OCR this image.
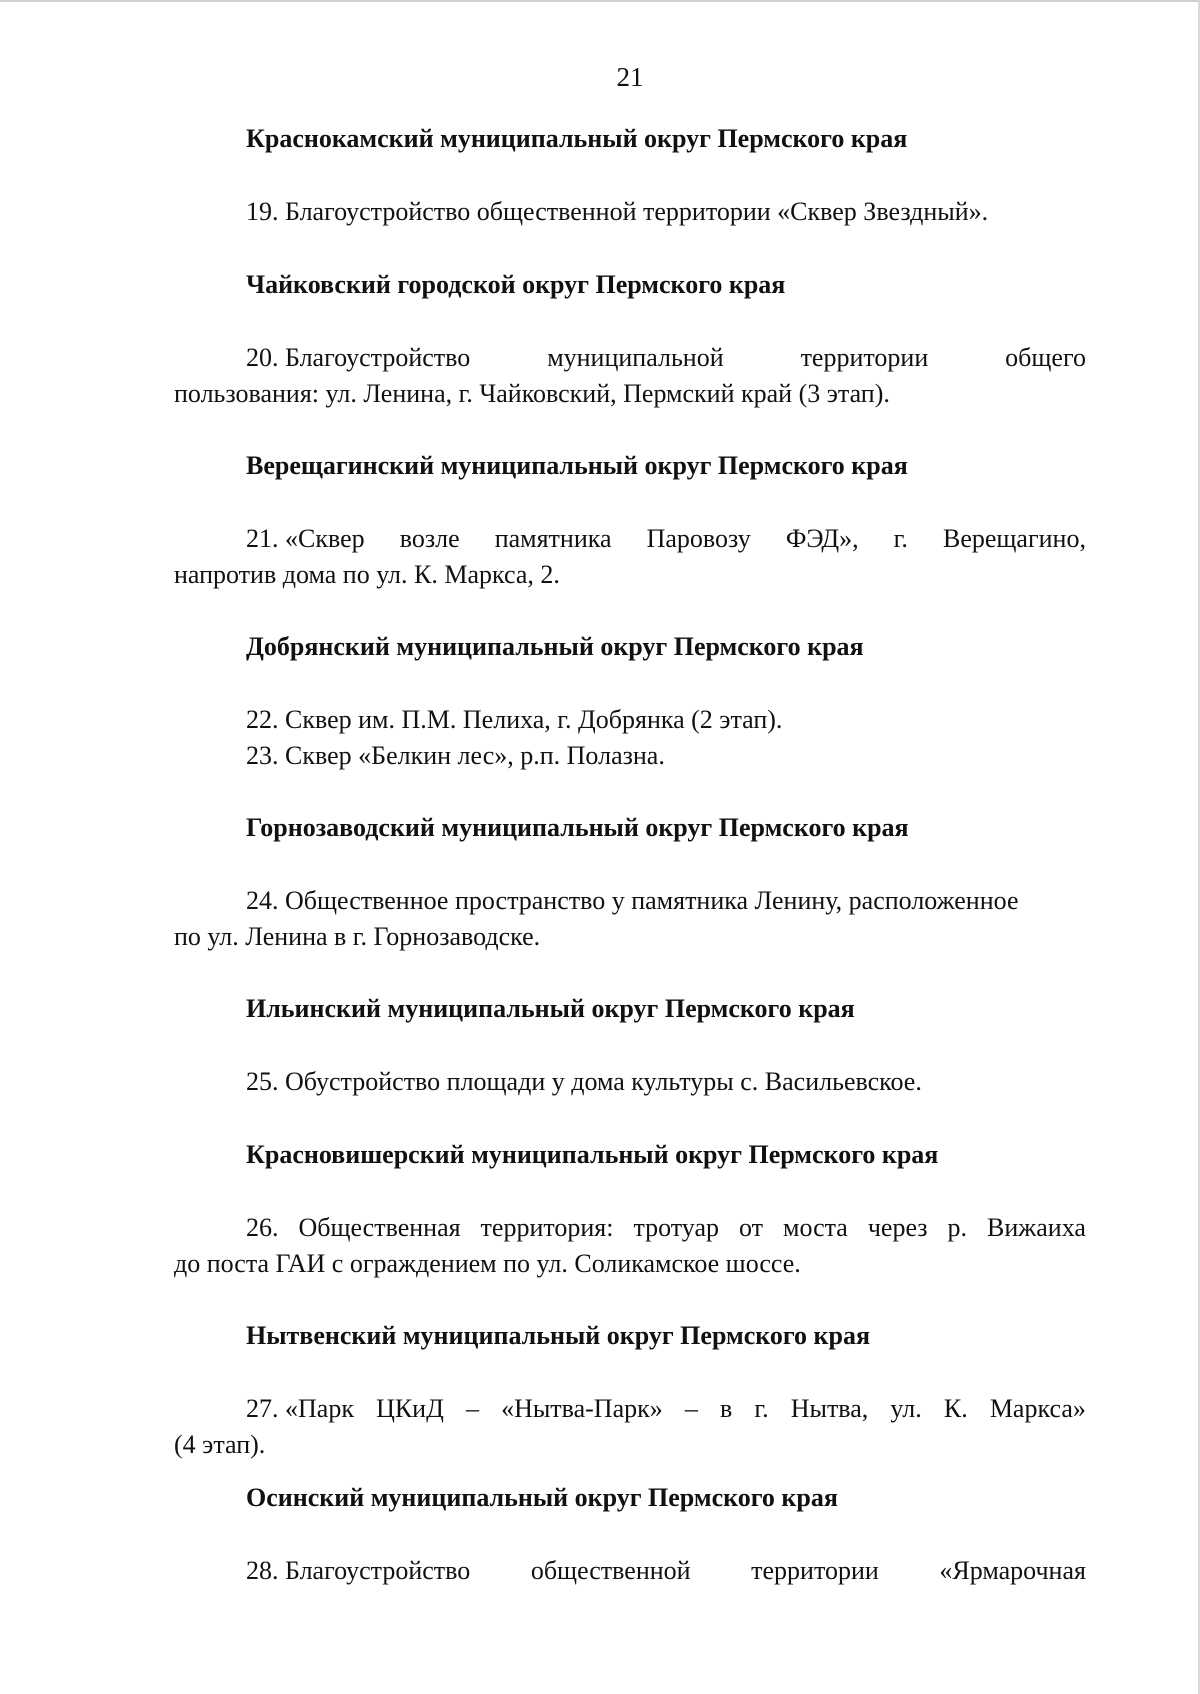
21
Краснокамский муниципальный округ Пермского края
19. Благоустройство общественной территории «Сквер Звездный».
Чайковский городской округ Пермского края
20. Благоустройство	муниципальной	территории	общего
пользования: ул. Ленина, г. Чайковский, Пермский край (3 этап).
Верещагинский муниципальный округ Пермского края
21. «Сквер возле памятника Паровозу ФЭД», г. Верещагино,
напротив дома по ул. К. Маркса, 2.
Добрянский муниципальный округ Пермского края
22. Сквер им. П.М. Пелиха, г. Добрянка (2 этап).
23. Сквер «Белкин лес», р.п. Полазна.
Горнозаводский муниципальный округ Пермского края
24. Общественное пространство у памятника Ленину, расположенное
по ул. Ленина в г. Горнозаводске.
Ильинский муниципальный округ Пермского края
25. Обустройство площади у дома культуры с. Васильевское.
Красновишерский муниципальный округ Пермского края
26. Общественная территория: тротуар от моста через р. Вижаиха
до поста ГАИ с ограждением по ул. Соликамское шоссе.
Нытвенский муниципальный округ Пермского края
27. «Парк ЦКиД – «Нытва-Парк» – в г. Нытва, ул. К. Маркса»
(4 этап).
Осинский муниципальный округ Пермского края
28. Благоустройство общественной территории «Ярмарочная
